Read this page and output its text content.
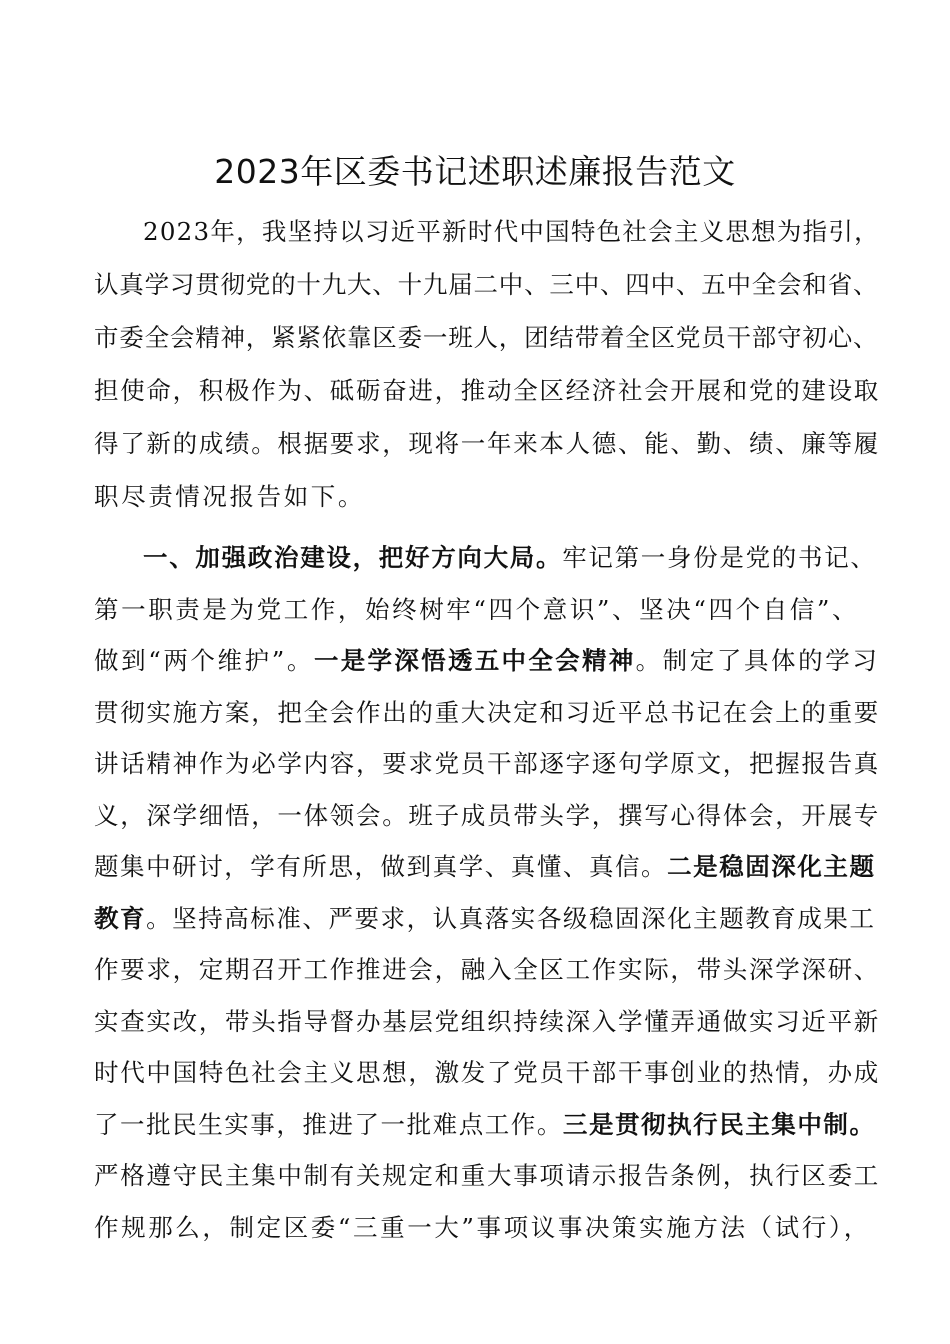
2023年区委书记述职述廉报告范文
2023年，我坚持以习近平新时代中国特色社会主义思想为指引，
认真学习贯彻党的十九大、十九届二中、三中、四中、五中全会和省、
市委全会精神，紧紧依靠区委一班人，团结带着全区党员干部守初心、
担使命，积极作为、砥砺奋进，推动全区经济社会开展和党的建设取
得了新的成绩。根据要求，现将一年来本人德、能、勤、绩、廉等履
职尽责情况报告如下。
一、加强政治建设，把好方向大局。牢记第一身份是党的书记、
第一职责是为党工作，始终树牢“四个意识”、坚决“四个自信”、
做到“两个维护”。一是学深悟透五中全会精神。制定了具体的学习
贯彻实施方案，把全会作出的重大决定和习近平总书记在会上的重要
讲话精神作为必学内容，要求党员干部逐字逐句学原文，把握报告真
义，深学细悟，一体领会。班子成员带头学，撰写心得体会，开展专
题集中研讨，学有所思，做到真学、真懂、真信。二是稳固深化主题
教育。坚持高标准、严要求，认真落实各级稳固深化主题教育成果工
作要求，定期召开工作推进会，融入全区工作实际，带头深学深研、
实查实改，带头指导督办基层党组织持续深入学懂弄通做实习近平新
时代中国特色社会主义思想，激发了党员干部干事创业的热情，办成
了一批民生实事，推进了一批难点工作。三是贯彻执行民主集中制。
严格遵守民主集中制有关规定和重大事项请示报告条例，执行区委工
作规那么，制定区委“三重一大”事项议事决策实施方法（试行），
